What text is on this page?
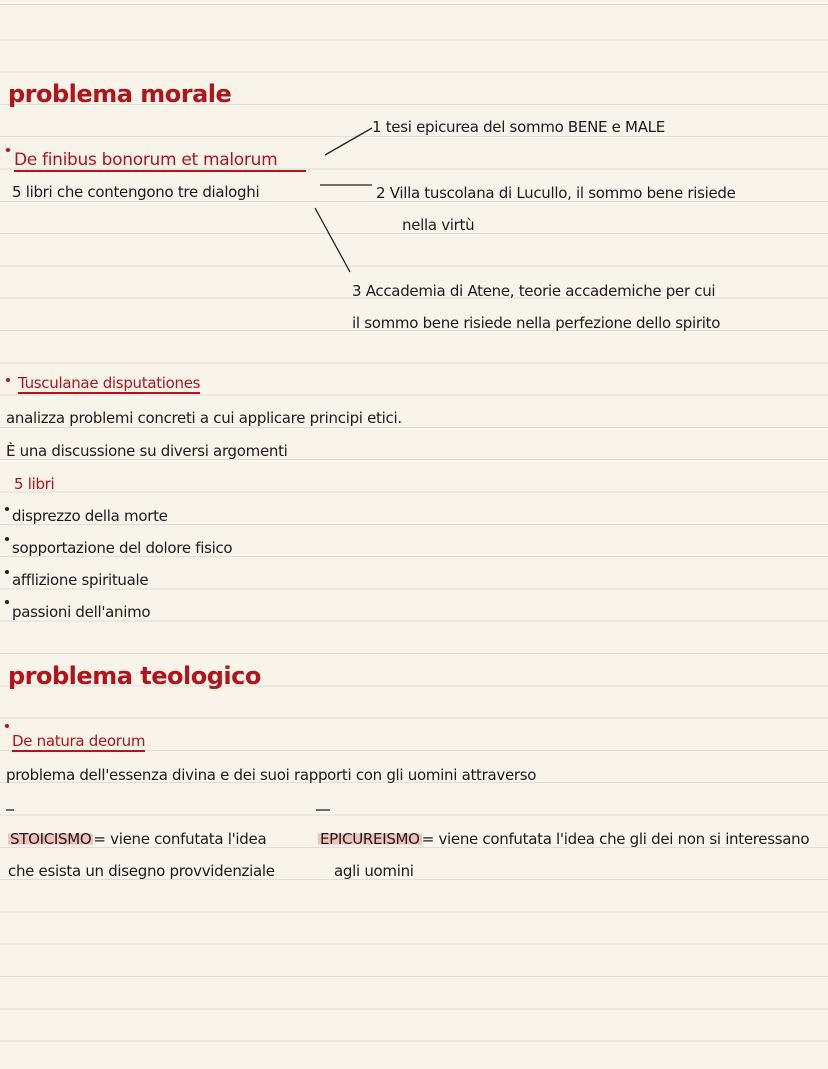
problema morale
De finibus bonorum et malorum
5 libri che contengono tre dialoghi
1 tesi epicurea del sommo BENE e MALE
2 Villa tuscolana di Lucullo, il sommo bene risiede
nella virtù
3 Accademia di Atene, teorie accademiche per cui
il sommo bene risiede nella perfezione dello spirito
Tusculanae disputationes
analizza problemi concreti a cui applicare principi etici.
È una discussione su diversi argomenti
5 libri
disprezzo della morte
sopportazione del dolore fisico
afflizione spirituale
passioni dell'animo
problema teologico
De natura deorum
problema dell'essenza divina e dei suoi rapporti con gli uomini attraverso
STOICISMO = viene confutata l'idea
che esista un disegno provvidenziale
EPICUREISMO = viene confutata l'idea che gli dei non si interessano
agli uomini
